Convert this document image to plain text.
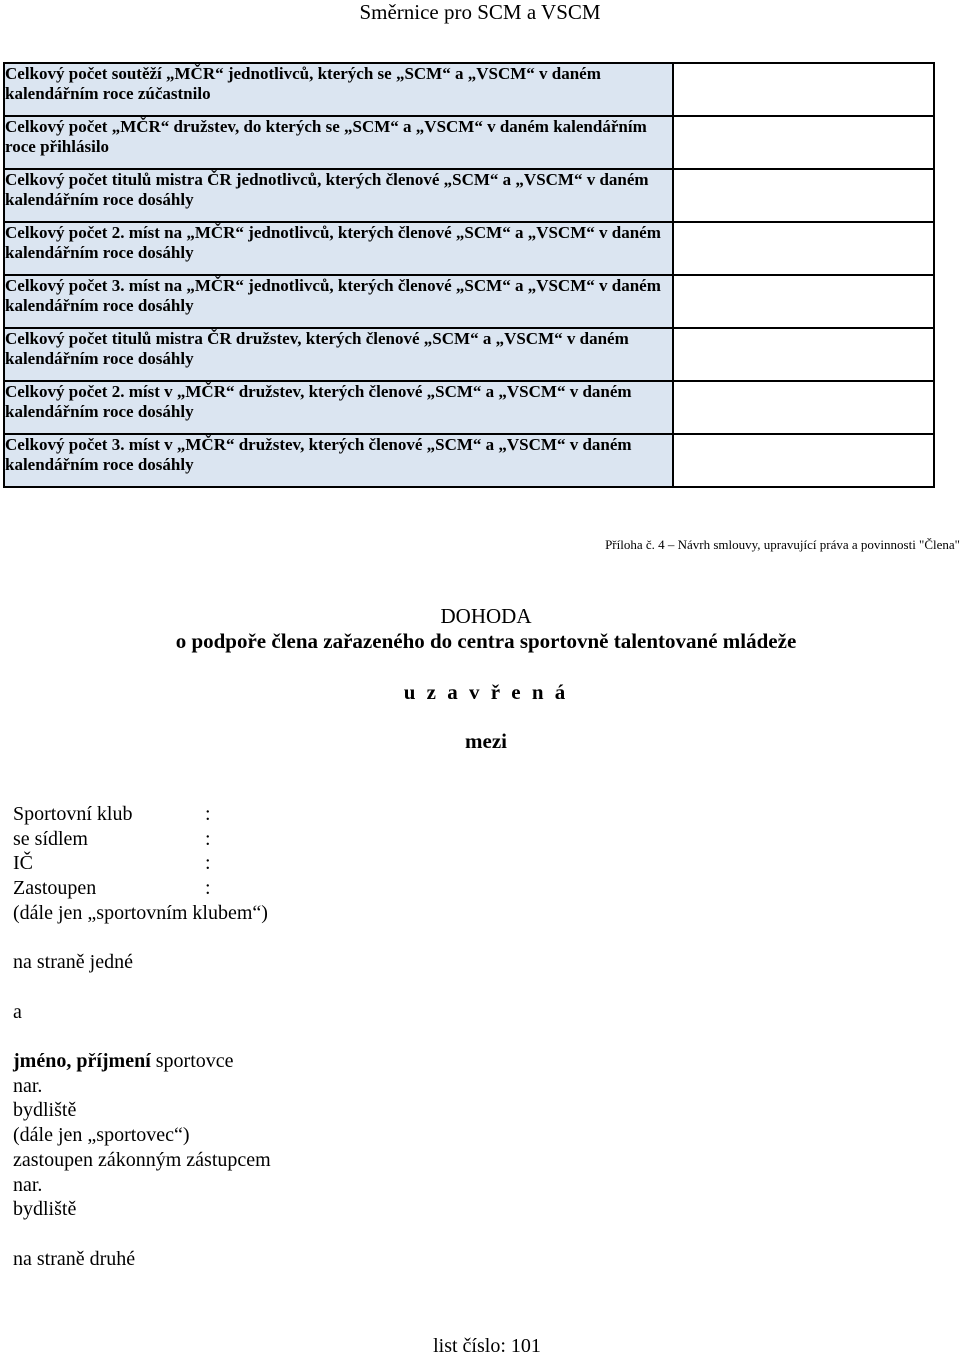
Směrnice pro SCM a VSCM
Celkový počet soutěží „MČR“ jednotlivců, kterých se „SCM“ a „VSCM“ v daném kalendářním roce zúčastnilo	
Celkový počet „MČR“ družstev, do kterých se „SCM“ a „VSCM“ v daném kalendářním roce přihlásilo	
Celkový počet titulů mistra ČR jednotlivců, kterých členové „SCM“ a „VSCM“ v daném kalendářním roce dosáhly	
Celkový počet 2. míst na „MČR“ jednotlivců, kterých členové „SCM“ a „VSCM“ v daném kalendářním roce dosáhly	
Celkový počet 3. míst na „MČR“ jednotlivců, kterých členové „SCM“ a „VSCM“ v daném kalendářním roce dosáhly	
Celkový počet titulů mistra ČR družstev, kterých členové „SCM“ a „VSCM“ v daném kalendářním roce dosáhly	
Celkový počet 2. míst v „MČR“ družstev, kterých členové „SCM“ a „VSCM“ v daném kalendářním roce dosáhly	
Celkový počet 3. míst v „MČR“ družstev, kterých členové „SCM“ a „VSCM“ v daném kalendářním roce dosáhly	
Příloha č. 4 – Návrh smlouvy, upravující práva a povinnosti "Člena"
DOHODA
o podpoře člena zařazeného do centra sportovně talentované mládeže
u z a v ř e n á
mezi
Sportovní klub	:
se sídlem	:
IČ	:
Zastoupen	:
(dále jen „sportovním klubem“)
na straně jedné
a
jméno, příjmení sportovce
nar.
bydliště
(dále jen „sportovec“)
zastoupen zákonným zástupcem
nar.
bydliště
na straně druhé
list číslo: 101
